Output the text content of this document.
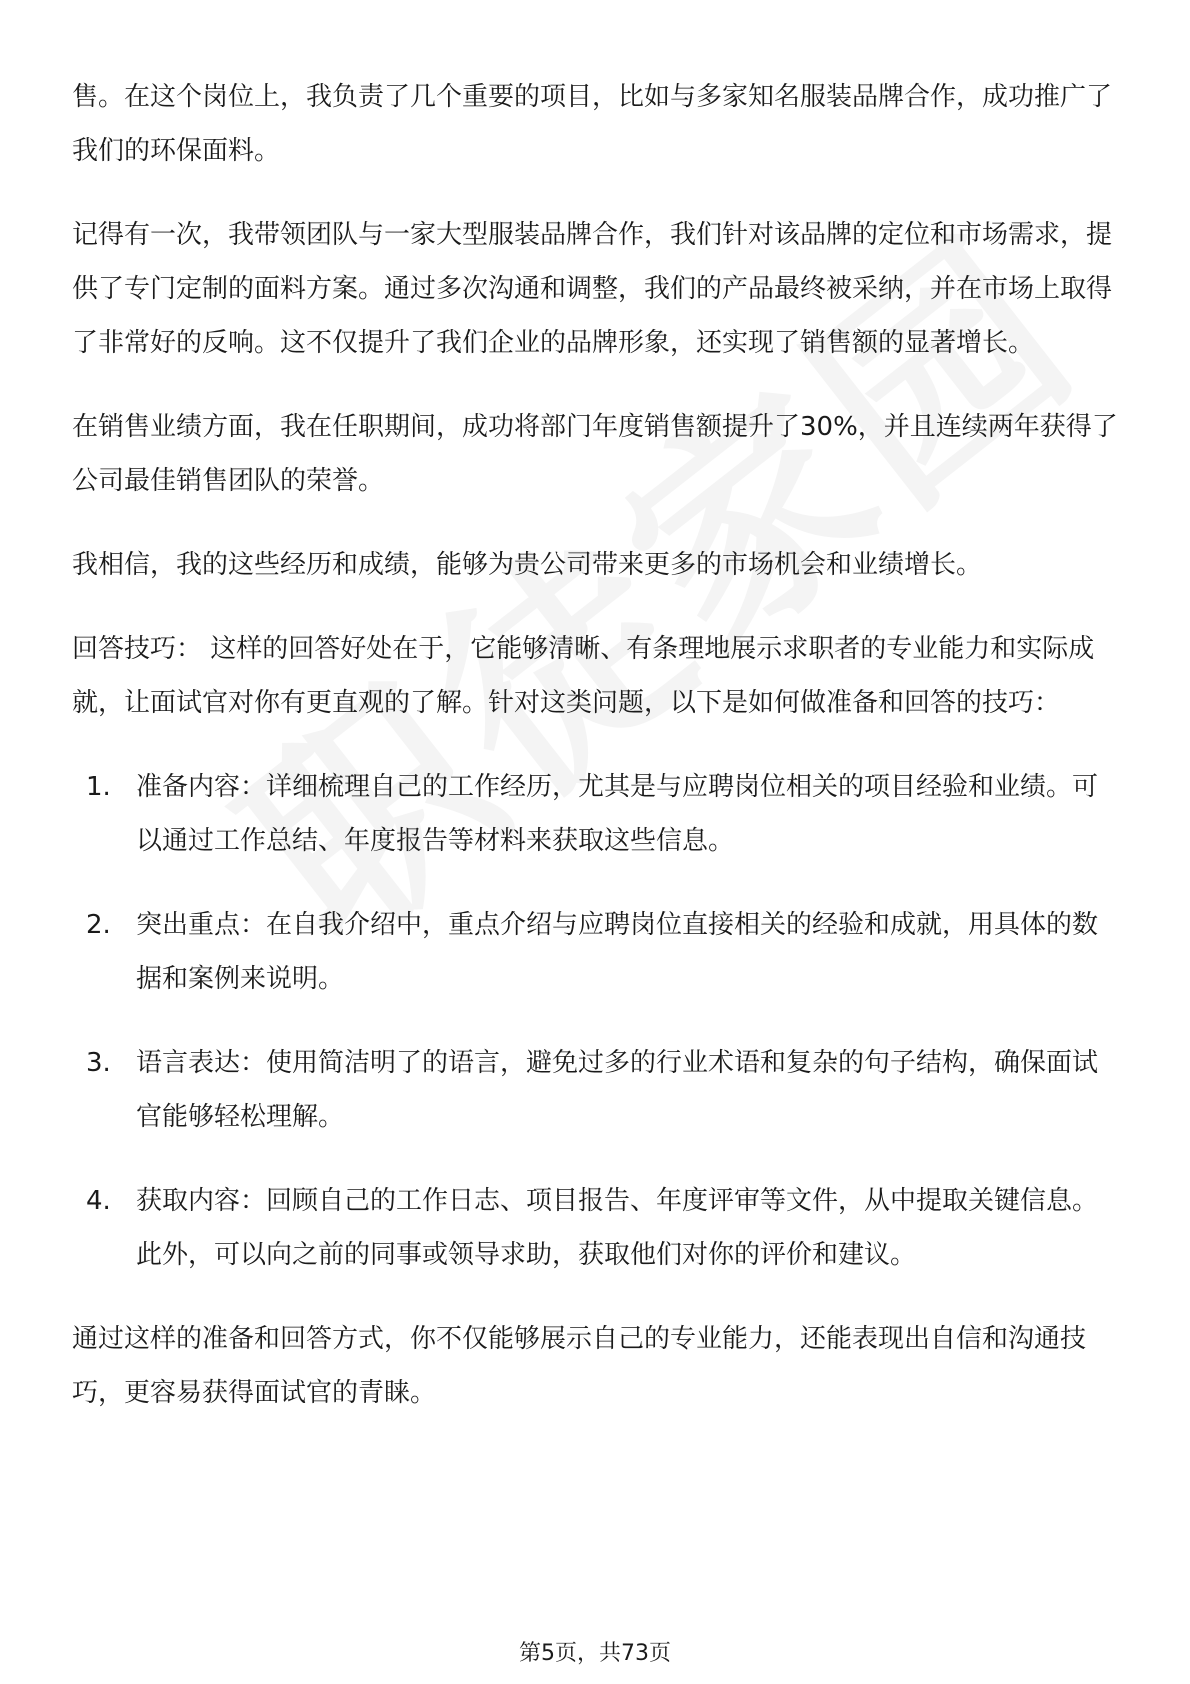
售。在这个岗位上，我负责了几个重要的项目，比如与多家知名服装品牌合作，成功推广了我们的环保面料。

记得有一次，我带领团队与一家大型服装品牌合作，我们针对该品牌的定位和市场需求，提供了专门定制的面料方案。通过多次沟通和调整，我们的产品最终被采纳，并在市场上取得了非常好的反响。这不仅提升了我们企业的品牌形象，还实现了销售额的显著增长。

在销售业绩方面，我在任职期间，成功将部门年度销售额提升了30%，并且连续两年获得了公司最佳销售团队的荣誉。

我相信，我的这些经历和成绩，能够为贵公司带来更多的市场机会和业绩增长。

回答技巧： 这样的回答好处在于，它能够清晰、有条理地展示求职者的专业能力和实际成就，让面试官对你有更直观的了解。针对这类问题，以下是如何做准备和回答的技巧：

1. 准备内容：详细梳理自己的工作经历，尤其是与应聘岗位相关的项目经验和业绩。可以通过工作总结、年度报告等材料来获取这些信息。
2. 突出重点：在自我介绍中，重点介绍与应聘岗位直接相关的经验和成就，用具体的数据和案例来说明。
3. 语言表达：使用简洁明了的语言，避免过多的行业术语和复杂的句子结构，确保面试官能够轻松理解。
4. 获取内容：回顾自己的工作日志、项目报告、年度评审等文件，从中提取关键信息。此外，可以向之前的同事或领导求助，获取他们对你的评价和建议。

通过这样的准备和回答方式，你不仅能够展示自己的专业能力，还能表现出自信和沟通技巧，更容易获得面试官的青睐。

第5页，共73页
